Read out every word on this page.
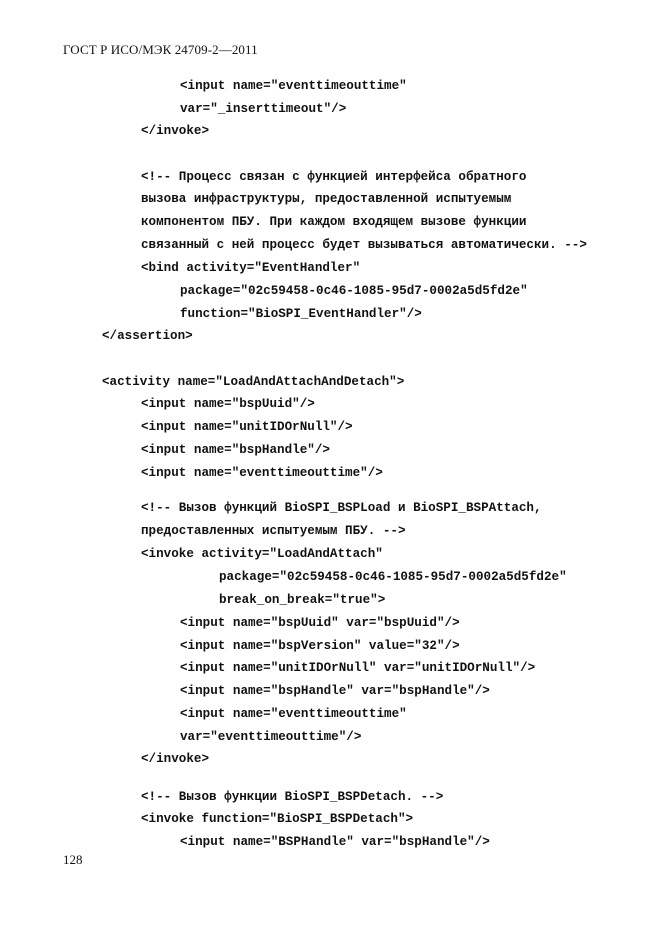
ГОСТ Р ИСО/МЭК 24709-2—2011
<input name="eventtimeouttime"
var="_inserttimeout"/>
</invoke>
<!-- Процесс связан с функцией интерфейса обратного
вызова инфраструктуры, предоставленной испытуемым
компонентом ПБУ. При каждом входящем вызове функции
связанный с ней процесс будет вызываться автоматически. -->
<bind activity="EventHandler"
package="02c59458-0c46-1085-95d7-0002a5d5fd2e"
function="BioSPI_EventHandler"/>
</assertion>
<activity name="LoadAndAttachAndDetach">
<input name="bspUuid"/>
<input name="unitIDOrNull"/>
<input name="bspHandle"/>
<input name="eventtimeouttime"/>
<!-- Вызов функций BioSPI_BSPLoad и BioSPI_BSPAttach,
предоставленных испытуемым ПБУ. -->
<invoke activity="LoadAndAttach"
package="02c59458-0c46-1085-95d7-0002a5d5fd2e"
break_on_break="true">
<input name="bspUuid" var="bspUuid"/>
<input name="bspVersion" value="32"/>
<input name="unitIDOrNull" var="unitIDOrNull"/>
<input name="bspHandle" var="bspHandle"/>
<input name="eventtimeouttime"
var="eventtimeouttime"/>
</invoke>
<!-- Вызов функции BioSPI_BSPDetach. -->
<invoke function="BioSPI_BSPDetach">
<input name="BSPHandle" var="bspHandle"/>
128
